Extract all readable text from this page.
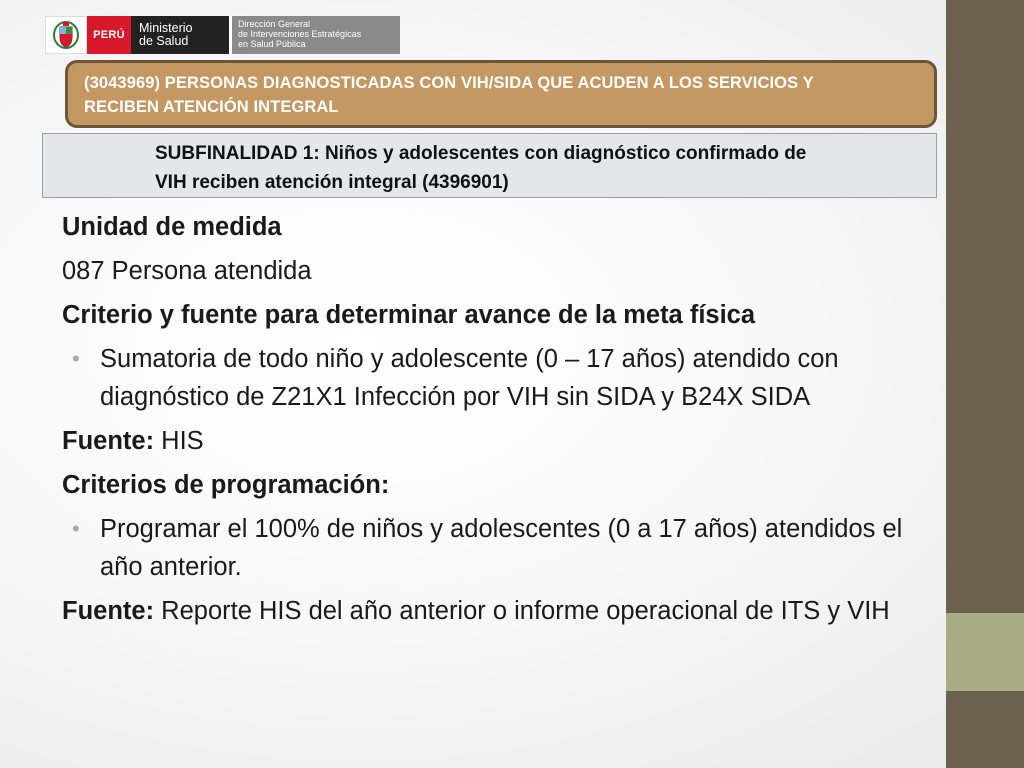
PERÚ	Ministerio
de Salud
Dirección General
de Intervenciones Estratégicas
en Salud Pública
(3043969) PERSONAS DIAGNOSTICADAS CON VIH/SIDA QUE ACUDEN A LOS SERVICIOS Y
RECIBEN ATENCIÓN INTEGRAL
SUBFINALIDAD 1: Niños y adolescentes con diagnóstico confirmado de
VIH reciben atención integral (4396901)

Unidad de medida

087 Persona atendida

Criterio y fuente para determinar avance de la meta física

• Sumatoria de todo niño y adolescente (0 – 17 años) atendido con diagnóstico de Z21X1 Infección por VIH sin SIDA y B24X SIDA

Fuente: HIS

Criterios de programación:

• Programar el 100% de niños y adolescentes (0 a 17 años) atendidos el año anterior.

Fuente: Reporte HIS del año anterior o informe operacional de ITS y VIH
